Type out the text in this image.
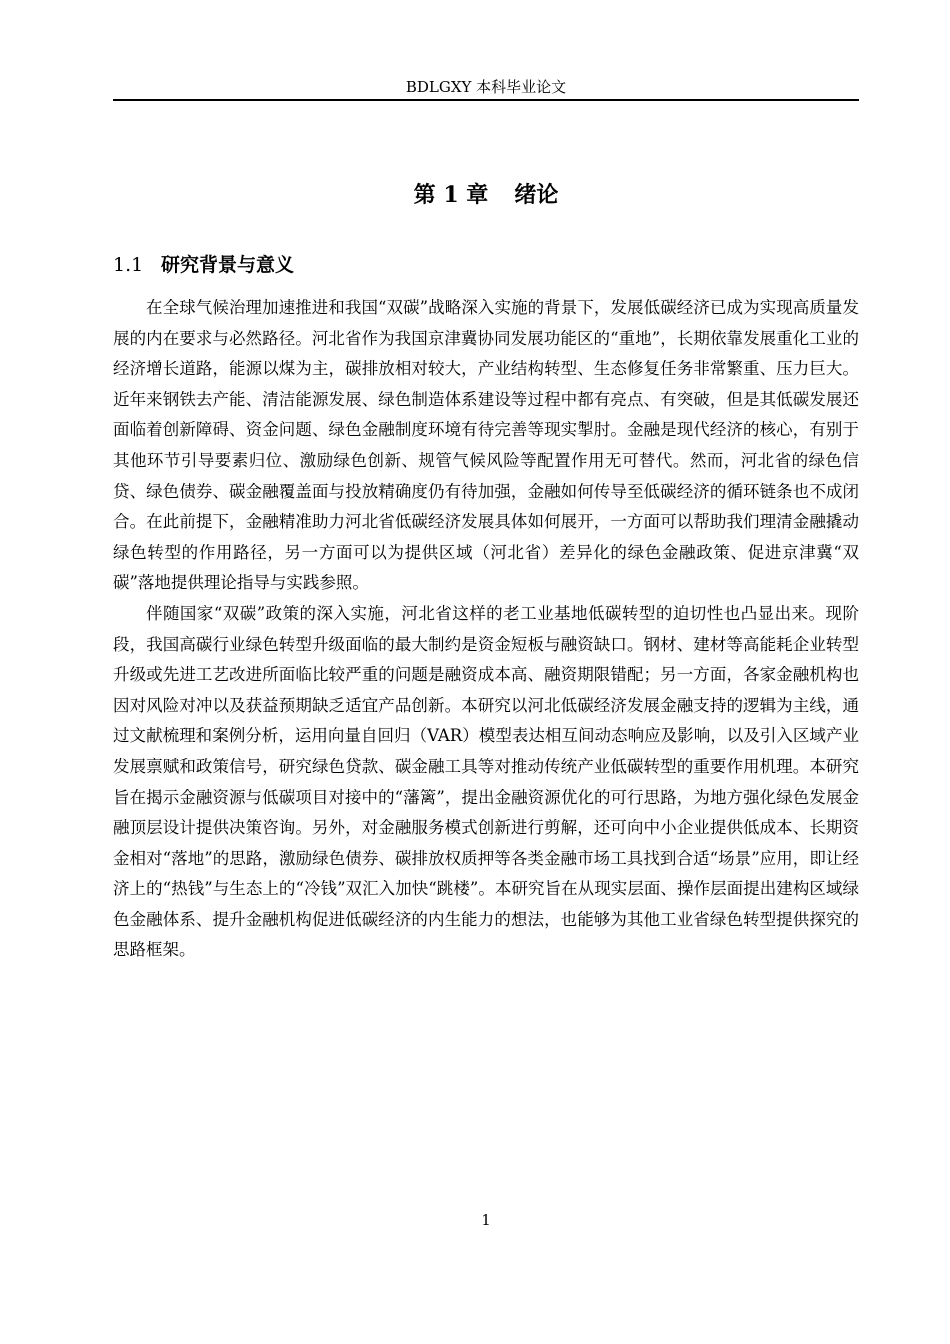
BDLGXY 本科毕业论文
第 1 章 绪论
1.1 研究背景与意义

在全球气候治理加速推进和我国“双碳”战略深入实施的背景下，发展低碳经济已成为实现高质量发展的内在要求与必然路径。河北省作为我国京津冀协同发展功能区的“重地”，长期依靠发展重化工业的经济增长道路，能源以煤为主，碳排放相对较大，产业结构转型、生态修复任务非常繁重、压力巨大。近年来钢铁去产能、清洁能源发展、绿色制造体系建设等过程中都有亮点、有突破，但是其低碳发展还面临着创新障碍、资金问题、绿色金融制度环境有待完善等现实掣肘。金融是现代经济的核心，有别于其他环节引导要素归位、激励绿色创新、规管气候风险等配置作用无可替代。然而，河北省的绿色信贷、绿色债券、碳金融覆盖面与投放精确度仍有待加强，金融如何传导至低碳经济的循环链条也不成闭合。在此前提下，金融精准助力河北省低碳经济发展具体如何展开，一方面可以帮助我们理清金融撬动绿色转型的作用路径，另一方面可以为提供区域（河北省）差异化的绿色金融政策、促进京津冀“双碳”落地提供理论指导与实践参照。

伴随国家“双碳”政策的深入实施，河北省这样的老工业基地低碳转型的迫切性也凸显出来。现阶段，我国高碳行业绿色转型升级面临的最大制约是资金短板与融资缺口。钢材、建材等高能耗企业转型升级或先进工艺改进所面临比较严重的问题是融资成本高、融资期限错配；另一方面，各家金融机构也因对风险对冲以及获益预期缺乏适宜产品创新。本研究以河北低碳经济发展金融支持的逻辑为主线，通过文献梳理和案例分析，运用向量自回归（VAR）模型表达相互间动态响应及影响，以及引入区域产业发展禀赋和政策信号，研究绿色贷款、碳金融工具等对推动传统产业低碳转型的重要作用机理。本研究旨在揭示金融资源与低碳项目对接中的“藩篱”，提出金融资源优化的可行思路，为地方强化绿色发展金融顶层设计提供决策咨询。另外，对金融服务模式创新进行剪解，还可向中小企业提供低成本、长期资金相对“落地”的思路，激励绿色债券、碳排放权质押等各类金融市场工具找到合适“场景”应用，即让经济上的“热钱”与生态上的“冷钱”双汇入加快“跳楼”。本研究旨在从现实层面、操作层面提出建构区域绿色金融体系、提升金融机构促进低碳经济的内生能力的想法，也能够为其他工业省绿色转型提供探究的思路框架。

1
